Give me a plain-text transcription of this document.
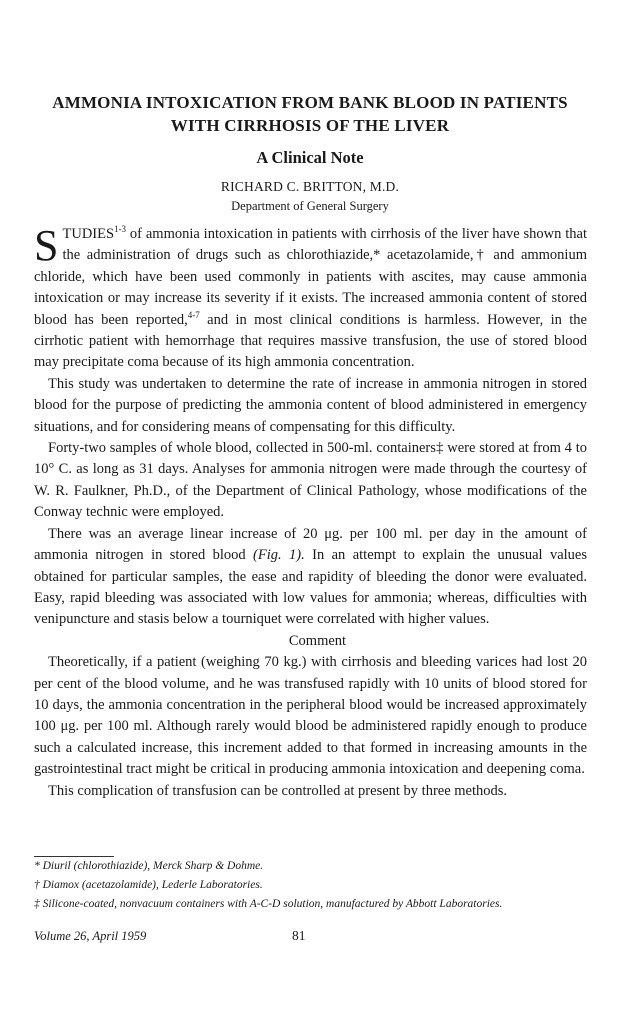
AMMONIA INTOXICATION FROM BANK BLOOD IN PATIENTS
WITH CIRRHOSIS OF THE LIVER
A Clinical Note
RICHARD C. BRITTON, M.D.
Department of General Surgery

STUDIES$^{1-3}$ of ammonia intoxication in patients with cirrhosis of the liver have shown that the administration of drugs such as chlorothiazide,* acetazolamide,† and ammonium chloride, which have been used commonly in patients with ascites, may cause ammonia intoxication or may increase its severity if it exists. The increased ammonia content of stored blood has been reported,$^{4-7}$ and in most clinical conditions is harmless. However, in the cirrhotic patient with hemorrhage that requires massive transfusion, the use of stored blood may precipitate coma because of its high ammonia concentration.

This study was undertaken to determine the rate of increase in ammonia nitrogen in stored blood for the purpose of predicting the ammonia content of blood administered in emergency situations, and for considering means of compensating for this difficulty.

Forty-two samples of whole blood, collected in 500-ml. containers‡ were stored at from 4 to 10° C. as long as 31 days. Analyses for ammonia nitrogen were made through the courtesy of W. R. Faulkner, Ph.D., of the Department of Clinical Pathology, whose modifications of the Conway technic were employed.

There was an average linear increase of 20 μg. per 100 ml. per day in the amount of ammonia nitrogen in stored blood (Fig. 1). In an attempt to explain the unusual values obtained for particular samples, the ease and rapidity of bleeding the donor were evaluated. Easy, rapid bleeding was associated with low values for ammonia; whereas, difficulties with venipuncture and stasis below a tourniquet were correlated with higher values.

Comment

Theoretically, if a patient (weighing 70 kg.) with cirrhosis and bleeding varices had lost 20 per cent of the blood volume, and he was transfused rapidly with 10 units of blood stored for 10 days, the ammonia concentration in the peripheral blood would be increased approximately 100 μg. per 100 ml. Although rarely would blood be administered rapidly enough to produce such a calculated increase, this increment added to that formed in increasing amounts in the gastrointestinal tract might be critical in producing ammonia intoxication and deepening coma.

This complication of transfusion can be controlled at present by three methods.

* Diuril (chlorothiazide), Merck Sharp & Dohme.
† Diamox (acetazolamide), Lederle Laboratories.
‡ Silicone-coated, nonvacuum containers with A-C-D solution, manufactured by Abbott Laboratories.
Volume 26, April 1959	81
